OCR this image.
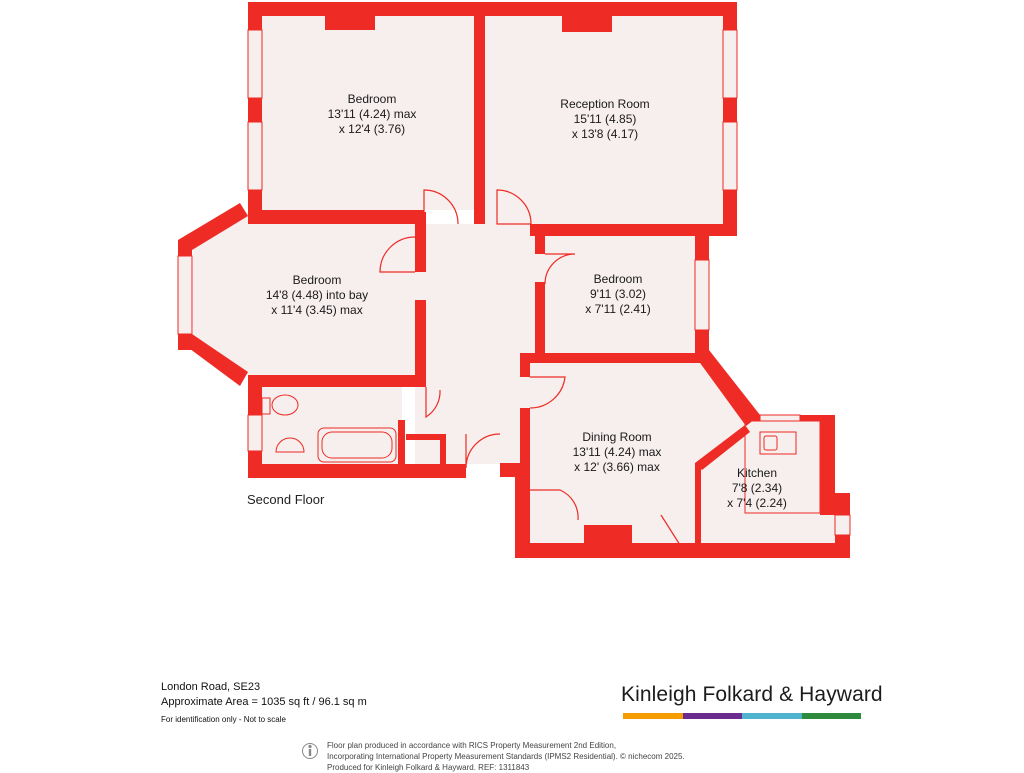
Bedroom
13'11 (4.24) max
x 12'4 (3.76)
Reception Room
15'11 (4.85)
x 13'8 (4.17)
Bedroom
14'8 (4.48) into bay
x 11'4 (3.45) max
Bedroom
9'11 (3.02)
x 7'11 (2.41)
Dining Room
13'11 (4.24) max
x 12' (3.66) max	Kitchen
7'8 (2.34)
x 7'4 (2.24)
Second Floor
London Road, SE23
Approximate Area = 1035 sq ft / 96.1 sq m
For identification only - Not to scale
Kinleigh Folkard & Hayward
Floor plan produced in accordance with RICS Property Measurement 2nd Edition,
Incorporating International Property Measurement Standards (IPMS2 Residential). © nichecom 2025.
Produced for Kinleigh Folkard & Hayward. REF: 1311843
